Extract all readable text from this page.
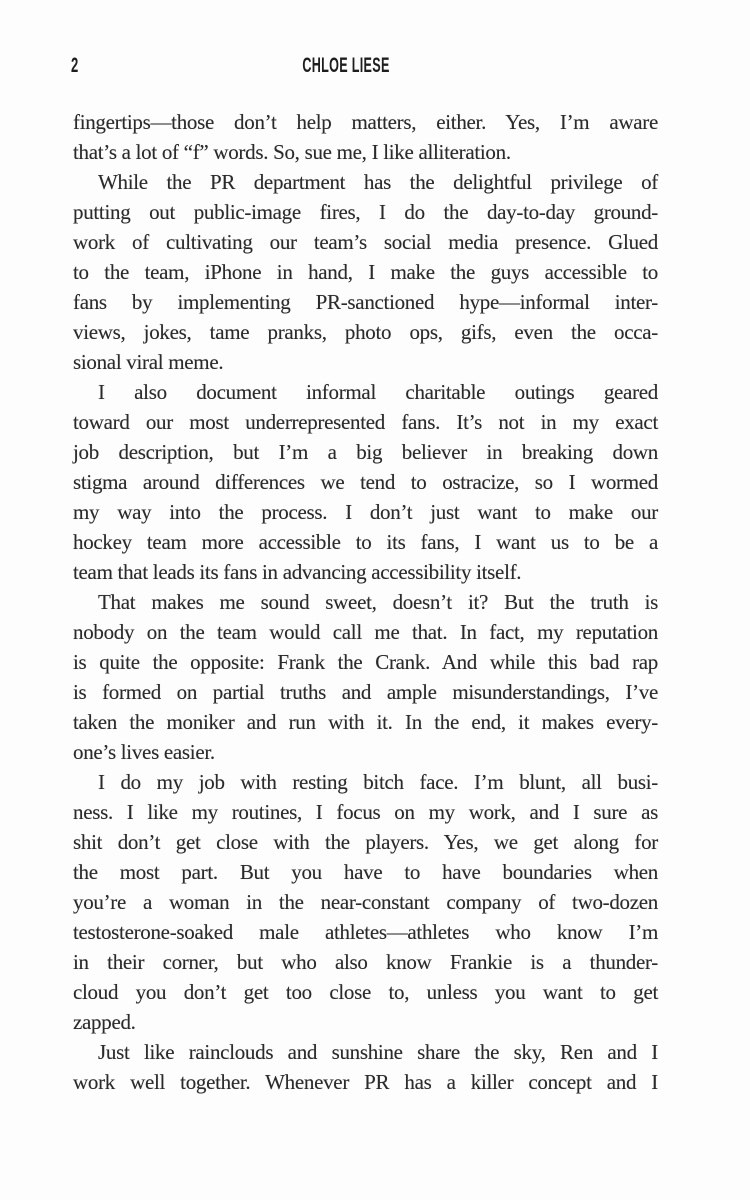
2	CHLOE LIESE
fingertips—those don’t help matters, either. Yes, I’m aware
that’s a lot of “f” words. So, sue me, I like alliteration.
While the PR department has the delightful privilege of
putting out public-image fires, I do the day-to-day ground-
work of cultivating our team’s social media presence. Glued
to the team, iPhone in hand, I make the guys accessible to
fans by implementing PR-sanctioned hype—informal inter-
views, jokes, tame pranks, photo ops, gifs, even the occa-
sional viral meme.
I also document informal charitable outings geared
toward our most underrepresented fans. It’s not in my exact
job description, but I’m a big believer in breaking down
stigma around differences we tend to ostracize, so I wormed
my way into the process. I don’t just want to make our
hockey team more accessible to its fans, I want us to be a
team that leads its fans in advancing accessibility itself.
That makes me sound sweet, doesn’t it? But the truth is
nobody on the team would call me that. In fact, my reputation
is quite the opposite: Frank the Crank. And while this bad rap
is formed on partial truths and ample misunderstandings, I’ve
taken the moniker and run with it. In the end, it makes every-
one’s lives easier.
I do my job with resting bitch face. I’m blunt, all busi-
ness. I like my routines, I focus on my work, and I sure as
shit don’t get close with the players. Yes, we get along for
the most part. But you have to have boundaries when
you’re a woman in the near-constant company of two-dozen
testosterone-soaked male athletes—athletes who know I’m
in their corner, but who also know Frankie is a thunder-
cloud you don’t get too close to, unless you want to get
zapped.
Just like rainclouds and sunshine share the sky, Ren and I
work well together. Whenever PR has a killer concept and I
